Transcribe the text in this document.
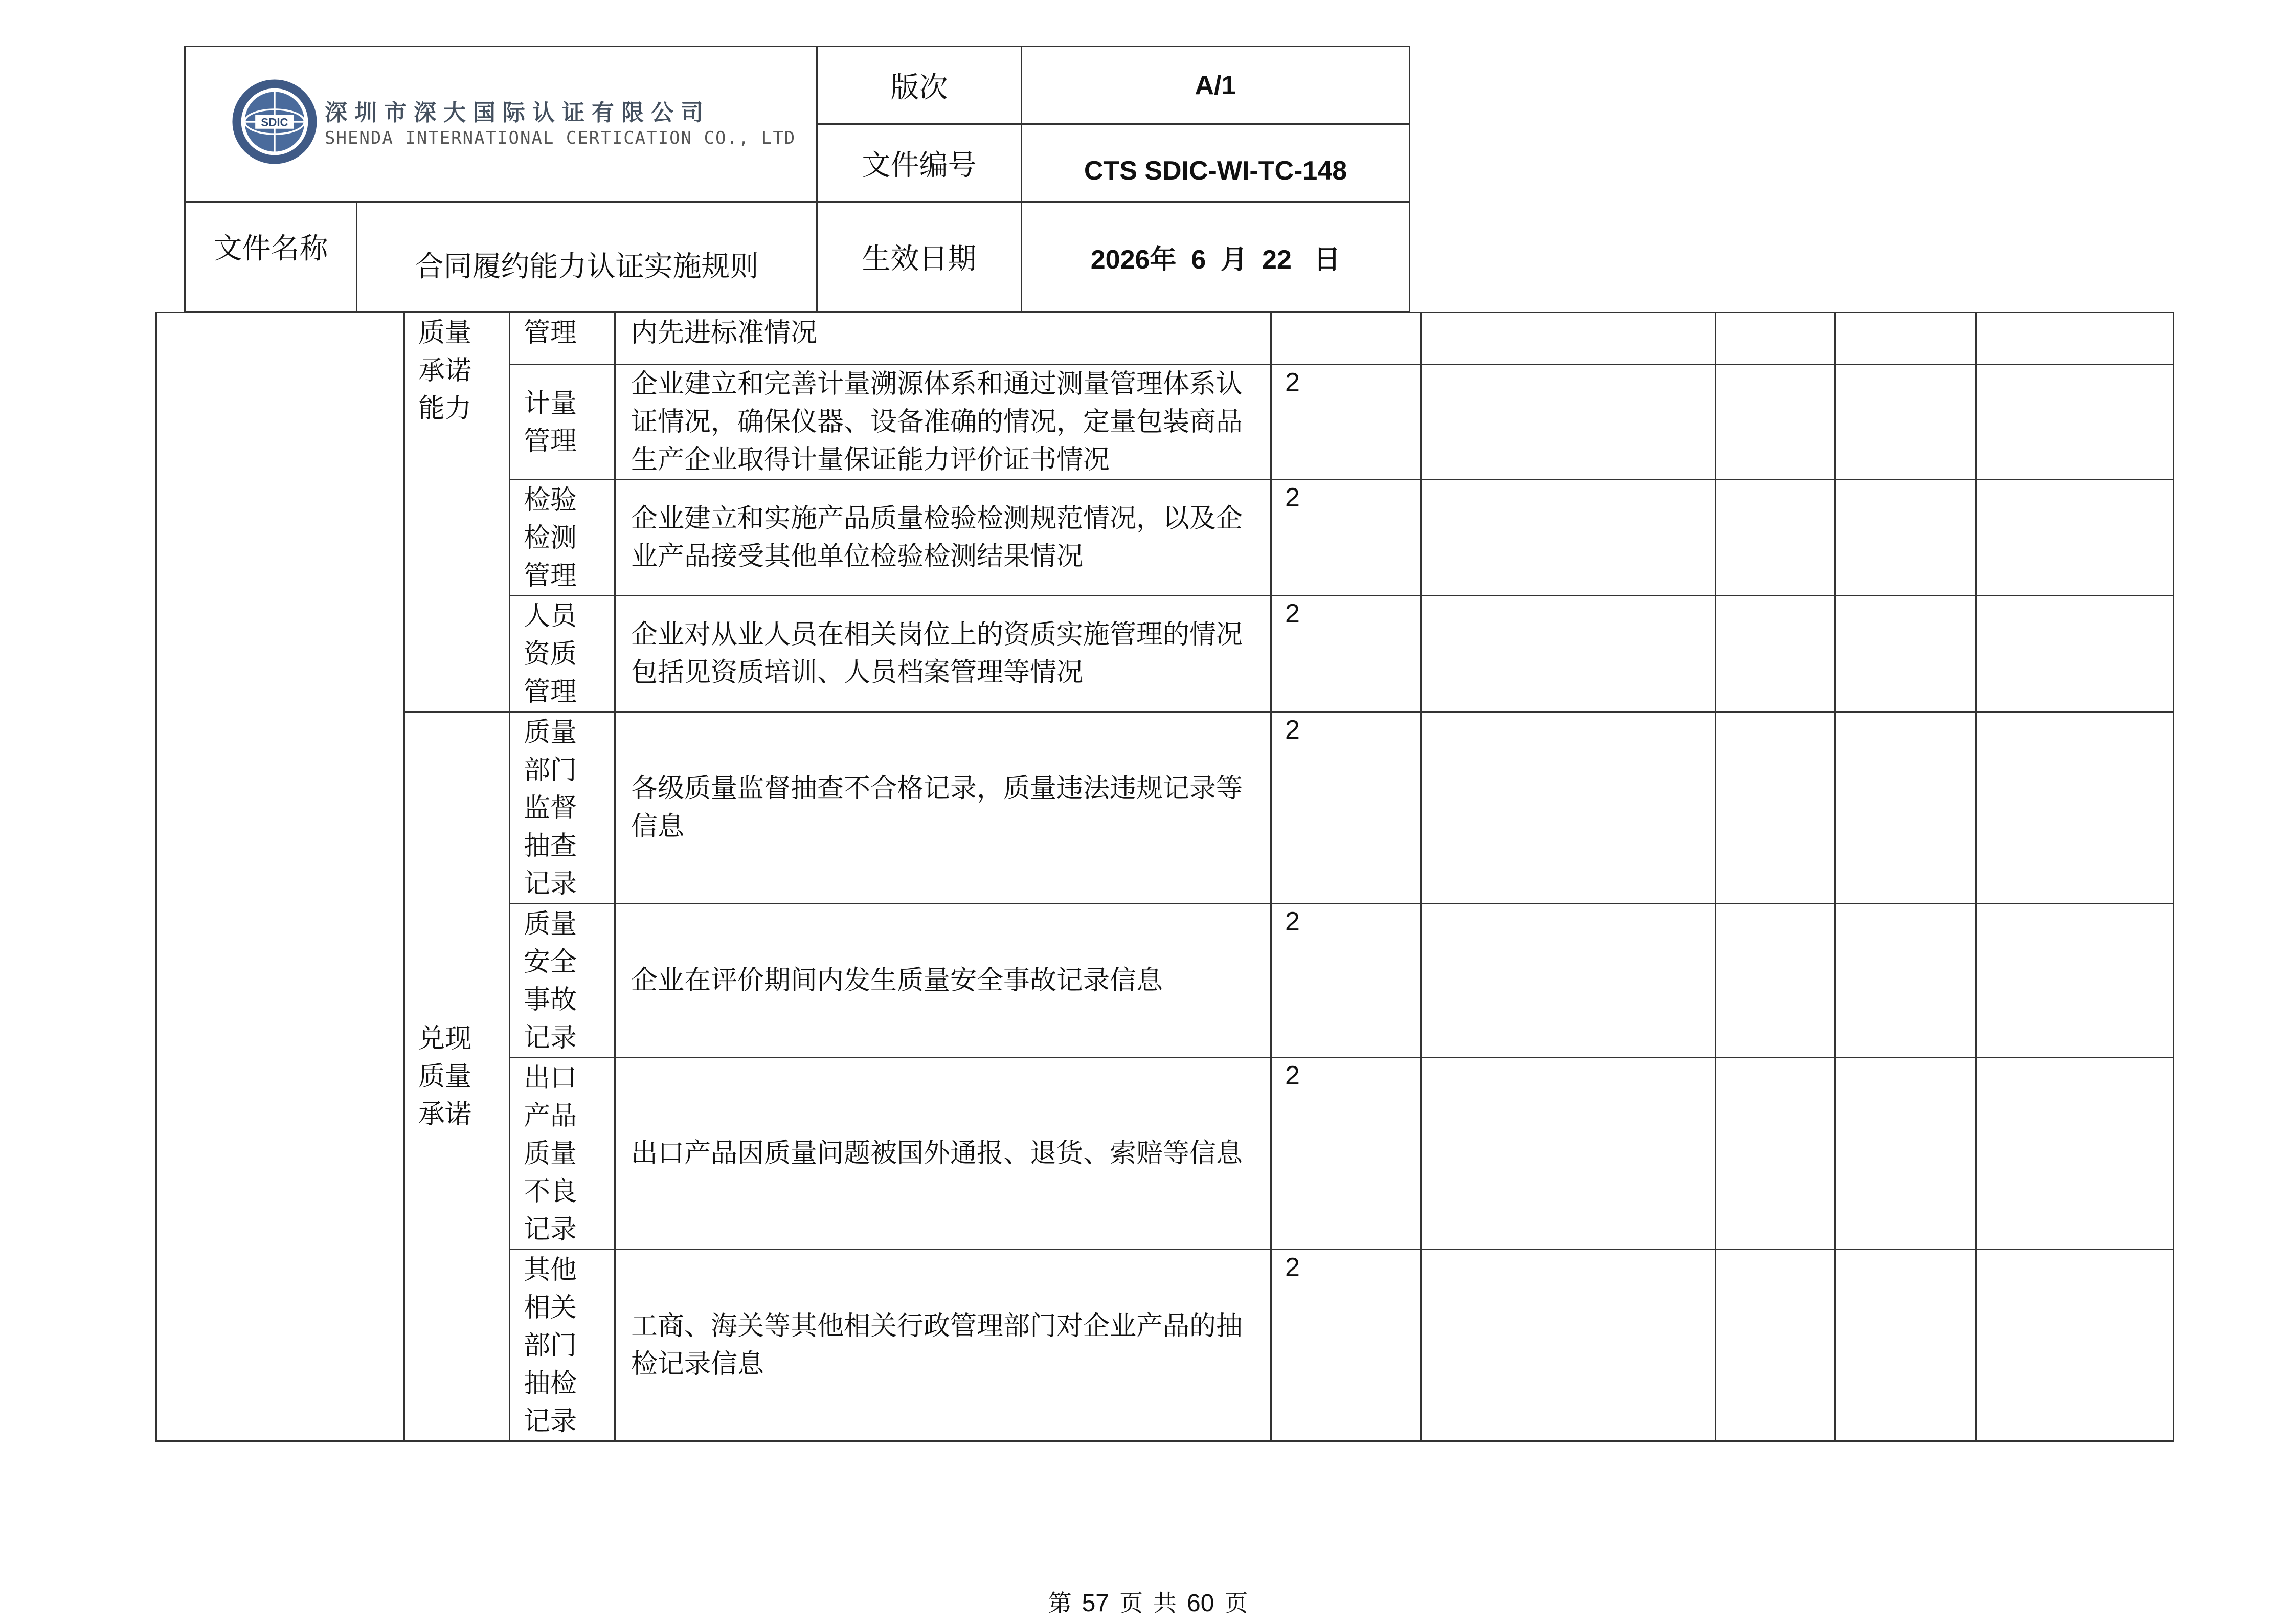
SDIC 深圳市深大国际认证有限公司
SHENDA INTERNATIONAL CERTICATION CO., LTD		版次	A/1
		文件编号	CTS SDIC-WI-TC-148
文件名称	合同履约能力认证实施规则	生效日期	2026年  6  月  22   日

	质量承诺能力	管理	内先进标准情况					

		计量管理	企业建立和完善计量溯源体系和通过测量管理体系认证情况，确保仪器、设备准确的情况，定量包装商品生产企业取得计量保证能力评价证书情况	2				

		检验检测管理	企业建立和实施产品质量检验检测规范情况，以及企业产品接受其他单位检验检测结果情况	2				

		人员资质管理	企业对从业人员在相关岗位上的资质实施管理的情况包括见资质培训、人员档案管理等情况	2				

	兑现质量承诺	质量部门监督抽查记录	各级质量监督抽查不合格记录，质量违法违规记录等信息	2				

		质量安全事故记录	企业在评价期间内发生质量安全事故记录信息	2				

		出口产品质量不良记录	出口产品因质量问题被国外通报、退货、索赔等信息	2				

		其他相关部门抽检记录	工商、海关等其他相关行政管理部门对企业产品的抽检记录信息	2				
第 57 页 共 60 页
